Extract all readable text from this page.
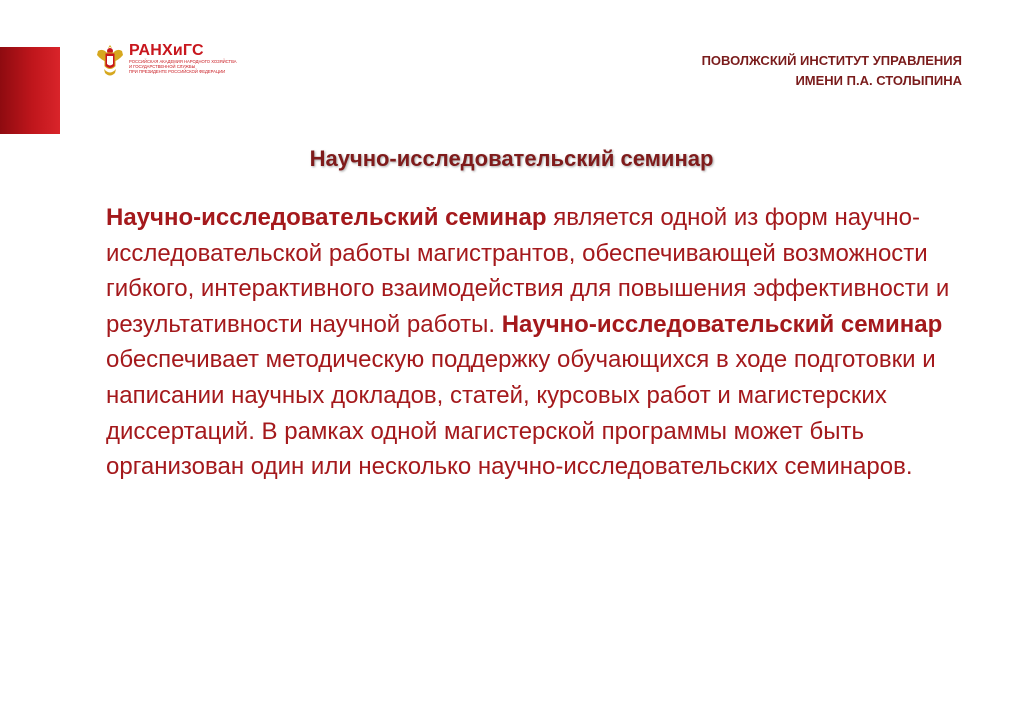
РАНХиГС
РОССИЙСКАЯ АКАДЕМИЯ НАРОДНОГО ХОЗЯЙСТВА
И ГОСУДАРСТВЕННОЙ СЛУЖБЫ
ПРИ ПРЕЗИДЕНТЕ РОССИЙСКОЙ ФЕДЕРАЦИИ
ПОВОЛЖСКИЙ ИНСТИТУТ УПРАВЛЕНИЯ
ИМЕНИ П.А. СТОЛЫПИНА
Научно-исследовательский семинар

Научно-исследовательский семинар является одной из форм научно-исследовательской работы магистрантов, обеспечивающей возможности гибкого, интерактивного взаимодействия для повышения эффективности и результативности научной работы. Научно-исследовательский семинар обеспечивает методическую поддержку обучающихся в ходе подготовки и написании научных докладов, статей, курсовых работ и магистерских диссертаций. В рамках одной магистерской программы может быть организован один или несколько научно-исследовательских семинаров.
